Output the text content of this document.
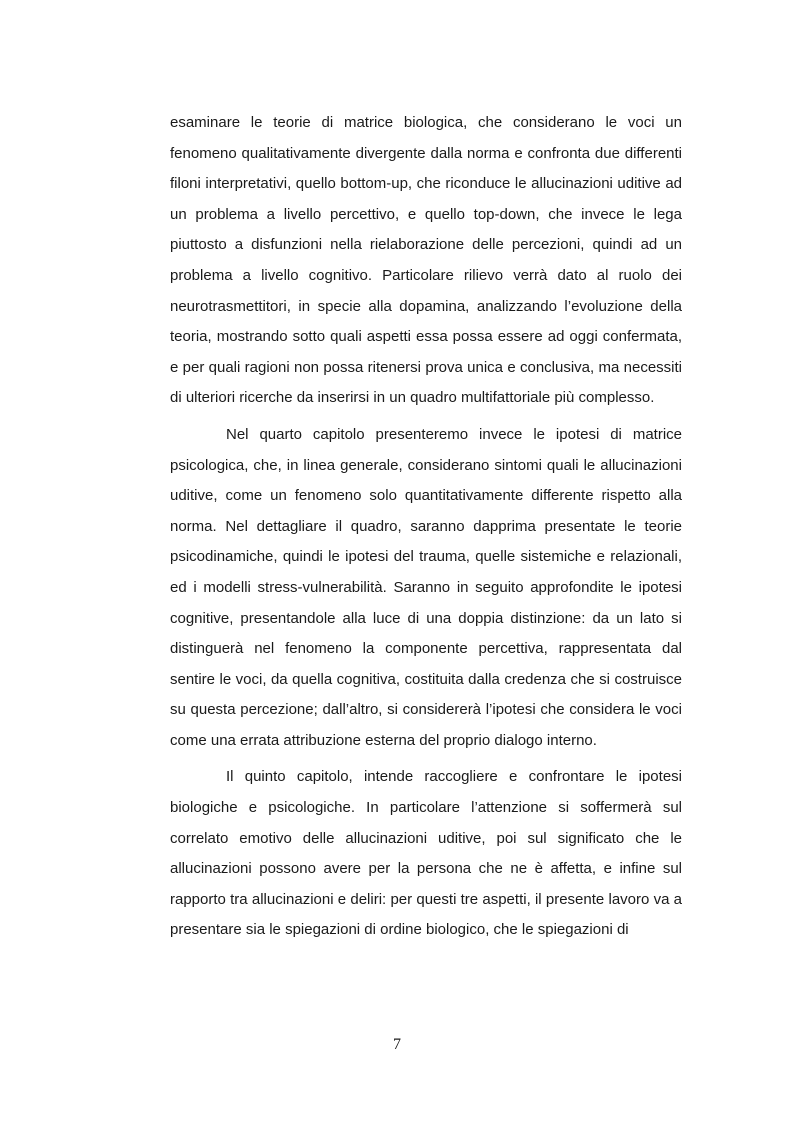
esaminare le teorie di matrice biologica, che considerano le voci un fenomeno qualitativamente divergente dalla norma e confronta due differenti filoni interpretativi, quello bottom-up, che riconduce le allucinazioni uditive ad un problema a livello percettivo, e quello top-down, che invece le lega piuttosto a disfunzioni nella rielaborazione delle percezioni, quindi ad un problema a livello cognitivo. Particolare rilievo verrà dato al ruolo dei neurotrasmettitori, in specie alla dopamina, analizzando l’evoluzione della teoria, mostrando sotto quali aspetti essa possa essere ad oggi confermata, e per quali ragioni non possa ritenersi prova unica e conclusiva, ma necessiti di ulteriori ricerche da inserirsi in un quadro multifattoriale più complesso.

Nel quarto capitolo presenteremo invece le ipotesi di matrice psicologica, che, in linea generale, considerano sintomi quali le allucinazioni uditive, come un fenomeno solo quantitativamente differente rispetto alla norma. Nel dettagliare il quadro, saranno dapprima presentate le teorie psicodinamiche, quindi le ipotesi del trauma, quelle sistemiche e relazionali, ed i modelli stress-vulnerabilità. Saranno in seguito approfondite le ipotesi cognitive, presentandole alla luce di una doppia distinzione: da un lato si distinguerà nel fenomeno la componente percettiva, rappresentata dal sentire le voci, da quella cognitiva, costituita dalla credenza che si costruisce su questa percezione; dall’altro, si considererà l’ipotesi che considera le voci come una errata attribuzione esterna del proprio dialogo interno.

Il quinto capitolo, intende raccogliere e confrontare le ipotesi biologiche e psicologiche. In particolare l’attenzione si soffermerà sul correlato emotivo delle allucinazioni uditive, poi sul significato che le allucinazioni possono avere per la persona che ne è affetta, e infine sul rapporto tra allucinazioni e deliri: per questi tre aspetti, il presente lavoro va a presentare sia le spiegazioni di ordine biologico, che le spiegazioni di

7
